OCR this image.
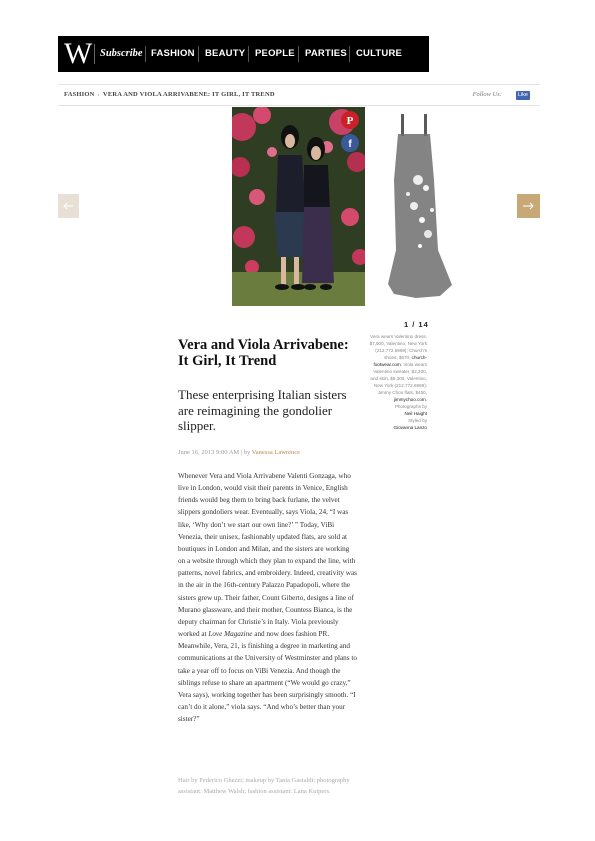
W Subscribe FASHION BEAUTY PEOPLE PARTIES CULTURE
FASHION › VERA AND VIOLA ARRIVABENE: IT GIRL, IT TREND	Follow Us:	Like
P
f
1 / 14
Vera wears Valentino dress, $7,900, Valentino, New York (212.772.6969); Church's shoes, $570, church-footwear.com. Viola wears Valentino sweater, $2,200, and skirt, $5,300, Valentino, New York (212.772.6969); Jimmy Choo flats, $450, jimmychoo.com.
Photographs by
Neil Haight
Styled by
Giovanna Lanzo
Vera and Viola Arrivabene: It Girl, It Trend
These enterprising Italian sisters are reimagining the gondolier slipper.
June 16, 2013 9:00 AM | by Vanessa Lawrence

Whenever Vera and Viola Arrivabene Valenti Gonzaga, who live in London, would visit their parents in Venice, English friends would beg them to bring back furlane, the velvet slippers gondoliers wear. Eventually, says Viola, 24, “I was like, ‘Why don’t we start our own line?’ ” Today, ViBi Venezia, their unisex, fashionably updated flats, are sold at boutiques in London and Milan, and the sisters are working on a website through which they plan to expand the line, with patterns, novel fabrics, and embroidery. Indeed, creativity was in the air in the 16th-century Palazzo Papadopoli, where the sisters grew up. Their father, Count Giberto, designs a line of Murano glassware, and their mother, Countess Bianca, is the deputy chairman for Christie’s in Italy. Viola previously worked at Love Magazine and now does fashion PR. Meanwhile, Vera, 21, is finishing a degree in marketing and communications at the University of Westminster and plans to take a year off to focus on ViBi Venezia. And though the siblings refuse to share an apartment (“We would go crazy,” Vera says), working together has been surprisingly smooth. “I can’t do it alone,” viola says. “And who’s better than your sister?”

Hair by Federico Ghezzi; makeup by Tania Gastaldi; photography assistant: Matthew Walsh; fashion assistant: Lana Kuipers.
